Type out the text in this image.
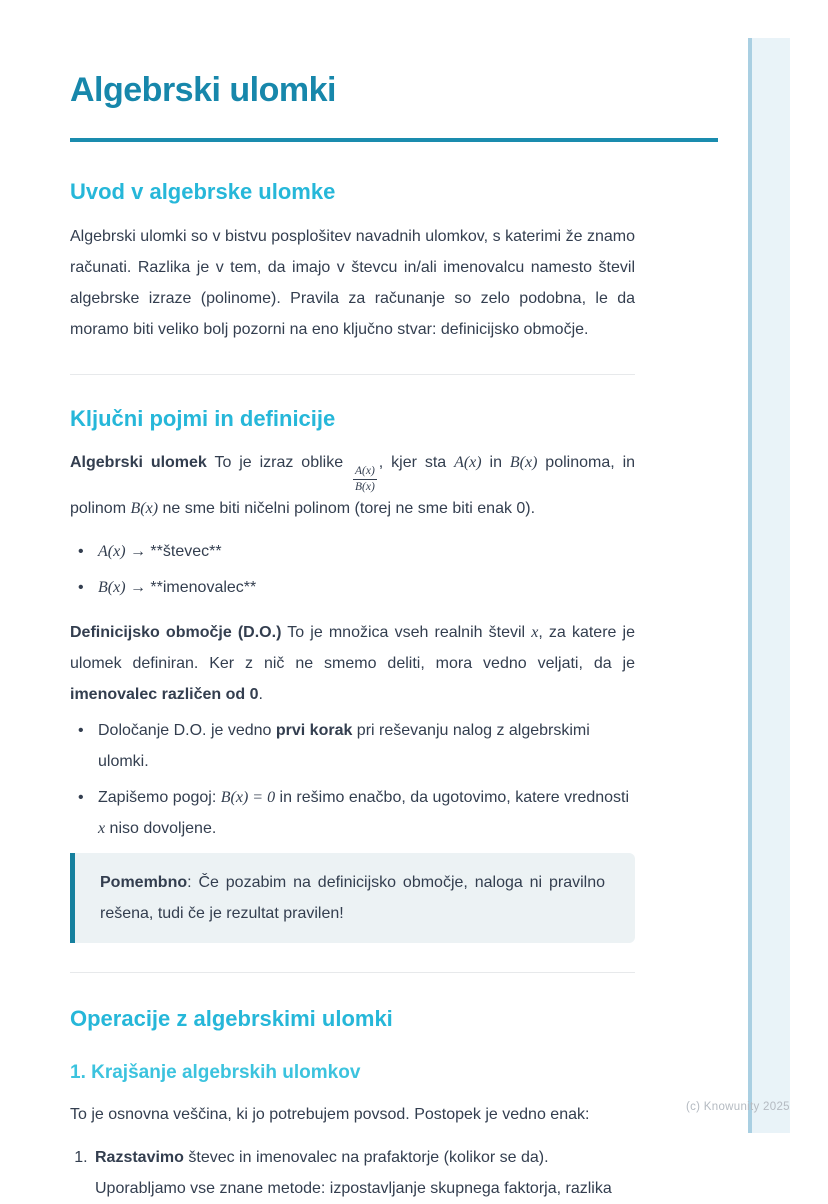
Algebrski ulomki
Uvod v algebrske ulomke

Algebrski ulomki so v bistvu posplošitev navadnih ulomkov, s katerimi že znamo računati. Razlika je v tem, da imajo v števcu in/ali imenovalcu namesto števil algebrske izraze (polinome). Pravila za računanje so zelo podobna, le da moramo biti veliko bolj pozorni na eno ključno stvar: definicijsko območje.

Ključni pojmi in definicije

Algebrski ulomek To je izraz oblike
$\frac{A(x)}{B(x)}$
, kjer sta A(x) in B(x) polinoma, in polinom B(x) ne sme biti ničelni polinom (torej ne sme biti enak 0).

• A(x) → **števec**
• B(x) → **imenovalec**

Definicijsko območje (D.O.) To je množica vseh realnih števil x, za katere je ulomek definiran. Ker z nič ne smemo deliti, mora vedno veljati, da je imenovalec različen od 0.

• Določanje D.O. je vedno prvi korak pri reševanju nalog z algebrskimi ulomki.
• Zapišemo pogoj: B(x) = 0 in rešimo enačbo, da ugotovimo, katere vrednosti x niso dovoljene.

Pomembno: Če pozabim na definicijsko območje, naloga ni pravilno rešena, tudi če je rezultat pravilen!

Operacije z algebrskimi ulomki
1. Krajšanje algebrskih ulomkov

To je osnovna veščina, ki jo potrebujem povsod. Postopek je vedno enak:

1. Razstavimo števec in imenovalec na prafaktorje (kolikor se da).
Uporabljamo vse znane metode: izpostavljanje skupnega faktorja, razlika
(c) Knowunity 2025
